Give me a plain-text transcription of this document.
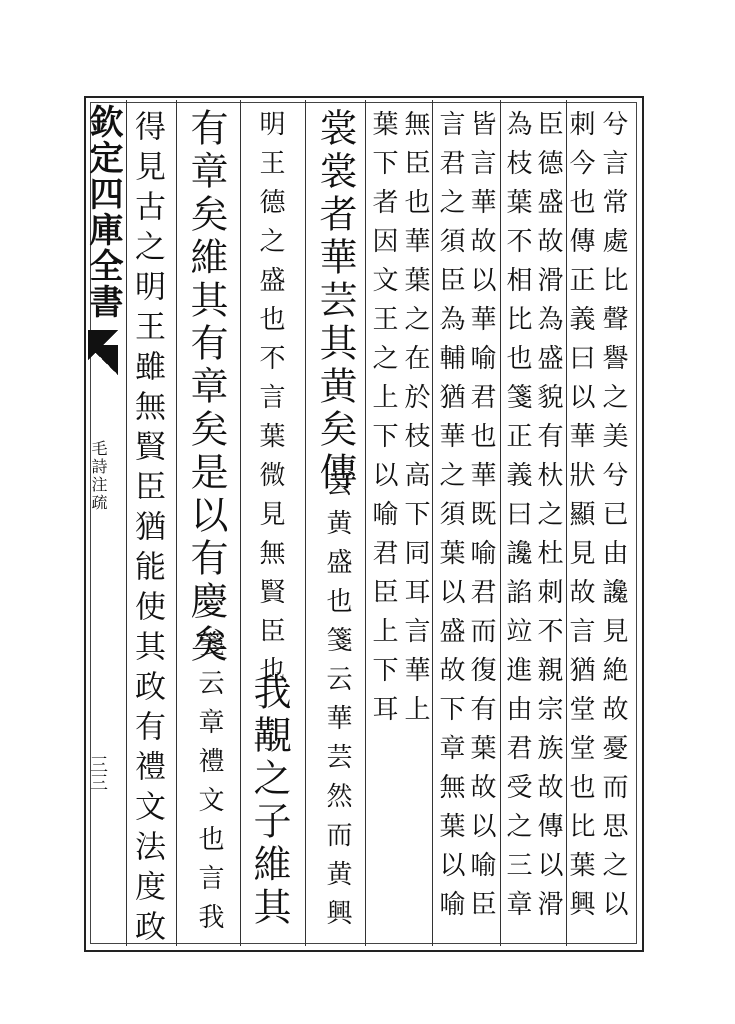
欽定四庫全書
毛詩注疏
三三	兮言常處比聲譽之美兮已由讒見絶故憂而思之以
刺今也傳正義曰以華狀顯見故言猶堂堂也比葉興
臣德盛故滑為盛貌有杕之杜刺不親宗族故傳以滑
為枝葉不相比也箋正義曰讒諂竝進由君受之三章
皆言華故以華喻君也華既喻君而復有葉故以喻臣
言君之須臣為輔猶華之須葉以盛故下章無葉以喻
無臣也華葉之在於枝高下同耳言華上
葉下者因文王之上下以喻君臣上下耳
裳裳者華芸其黄矣傳
芸黄盛也箋云華芸然而黄興
明王德之盛也不言葉微見無賢臣也
我覯之子維其
有章矣維其有章矣是以有慶矣
箋云章禮文也言我
得見古之明王雖無賢臣猶能使其政有禮文法度政
